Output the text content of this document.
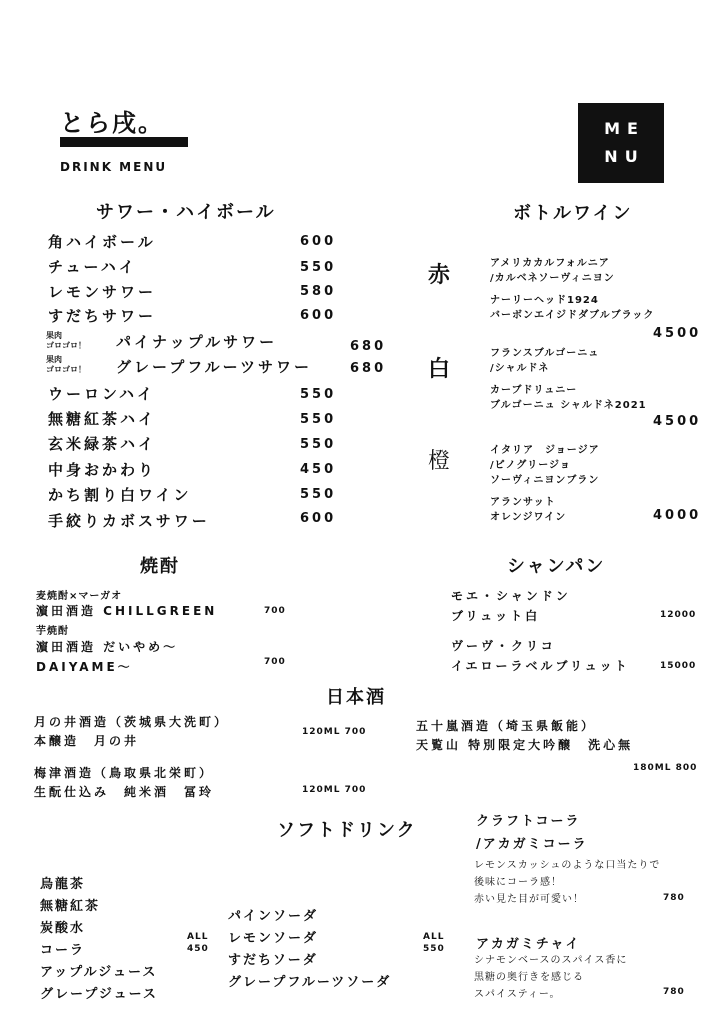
とら戌。
DRINK MENU
ME
NU
サワー・ハイボール
角ハイボール	600
チューハイ	550
レモンサワー	580
すだちサワー	600
果肉
ゴロゴロ！ パイナップルサワー	680
果肉
ゴロゴロ！ グレープフルーツサワー	680
ウーロンハイ	550
無糖紅茶ハイ	550
玄米緑茶ハイ	550
中身おかわり	450
かち割り白ワイン	550
手絞りカボスサワー	600
ボトルワイン
赤	アメリカカルフォルニア
/カルベネソーヴィニヨン
ナーリーヘッド1924
バーボンエイジドダブルブラック
4500
白
フランスブルゴーニュ
/シャルドネ
カーブドリュニー
ブルゴーニュ シャルドネ2021
4500
橙	イタリア　ジョージア
/ピノグリージョ
ソーヴィニヨンブラン
アランサット
オレンジワイン	4000
焼酎
麦焼酎×マーガオ
濵田酒造 CHILLGREEN	700
芋焼酎
濵田酒造 だいやめ～
DAIYAME～	700
シャンパン
モエ・シャンドン
ブリュット白	12000
ヴーヴ・クリコ
イエローラベルブリュット	15000
日本酒
月の井酒造（茨城県大洗町）
本醸造　月の井
120ML 700
梅津酒造（鳥取県北栄町）
生酛仕込み　純米酒　冨玲	120ML 700
五十嵐酒造（埼玉県飯能）
天覧山 特別限定大吟醸　洗心無
180ML 800
ソフトドリンク
烏龍茶
無糖紅茶
炭酸水
コーラ
アップルジュース
グレープジュース
ALL
450
パインソーダ
レモンソーダ
すだちソーダ
グレープフルーツソーダ
ALL
550
クラフトコーラ
/アカガミコーラ
レモンスカッシュのような口当たりで
後味にコーラ感！
赤い見た目が可愛い！	780
アカガミチャイ
シナモンベースのスパイス香に
黒糖の奥行きを感じる
スパイスティー。	780
